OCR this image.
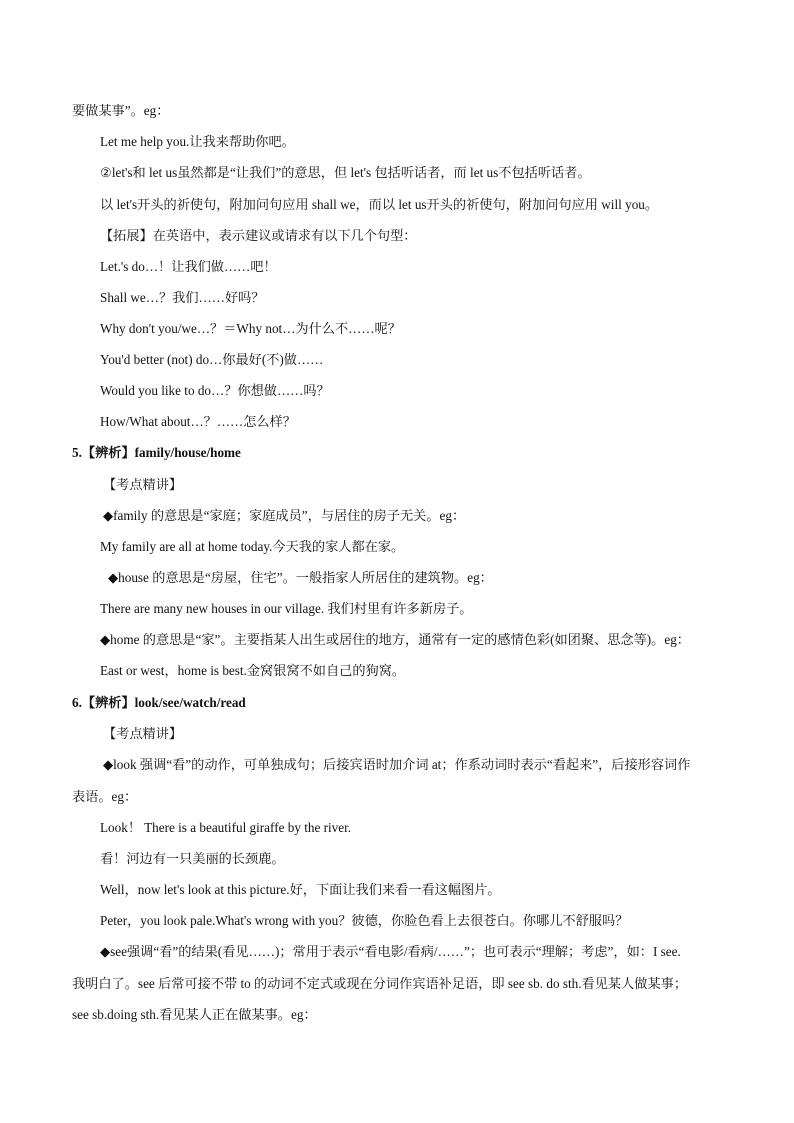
要做某事”。eg：
Let me help you.让我来帮助你吧。
②let's和 let us虽然都是“让我们”的意思，但 let's 包括听话者，而 let us不包括听话者。
以 let's开头的祈使句，附加问句应用 shall we，而以 let us开头的祈使句，附加问句应用 will you。
【拓展】在英语中，表示建议或请求有以下几个句型：
Let.'s do…！让我们做……吧！
Shall we…？我们……好吗？
Why don't you/we…？＝Why not…为什么不……呢？
You'd better (not) do…你最好(不)做……
Would you like to do…？你想做……吗？
How/What about…？……怎么样？
5.【辨析】family/house/home
【考点精讲】
◆family 的意思是“家庭；家庭成员”，与居住的房子无关。eg：
My family are all at home today.今天我的家人都在家。
◆house 的意思是“房屋，住宅”。一般指家人所居住的建筑物。eg：
There are many new houses in our village. 我们村里有许多新房子。
◆home 的意思是“家”。主要指某人出生或居住的地方，通常有一定的感情色彩(如团聚、思念等)。eg：
East or west，home is best.金窝银窝不如自己的狗窝。
6.【辨析】look/see/watch/read
【考点精讲】
◆look 强调“看”的动作，可单独成句；后接宾语时加介词 at；作系动词时表示“看起来”，后接形容词作
表语。eg：
Look！ There is a beautiful giraffe by the river.
看！河边有一只美丽的长颈鹿。
Well，now let's look at this picture.好，下面让我们来看一看这幅图片。
Peter，you look pale.What's wrong with you？彼德，你脸色看上去很苍白。你哪儿不舒服吗？
◆see强调“看”的结果(看见……)；常用于表示“看电影/看病/……”；也可表示“理解；考虑”，如：I see.
我明白了。see 后常可接不带 to 的动词不定式或现在分词作宾语补足语，即 see sb. do sth.看见某人做某事；
see sb.doing sth.看见某人正在做某事。eg：
